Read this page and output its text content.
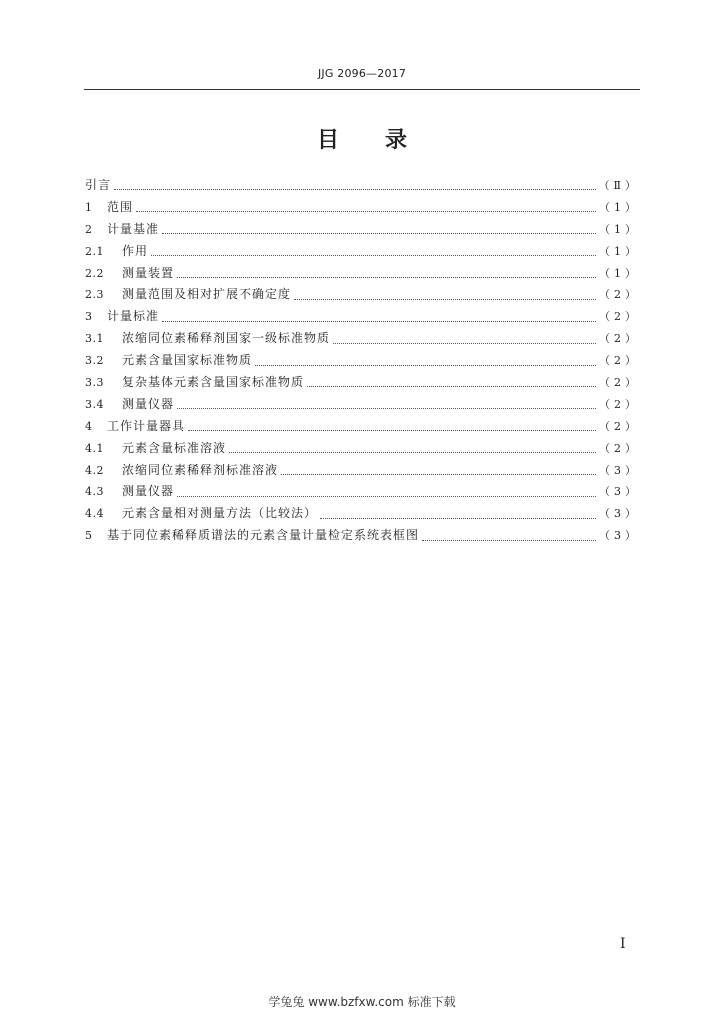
JJG 2096—2017
目录
引言	（Ⅱ）
1	范围	（1）
2	计量基准	（1）
2.1	作用	（1）
2.2	测量装置	（1）
2.3	测量范围及相对扩展不确定度	（2）
3	计量标准	（2）
3.1	浓缩同位素稀释剂国家一级标准物质	（2）
3.2	元素含量国家标准物质	（2）
3.3	复杂基体元素含量国家标准物质	（2）
3.4	测量仪器	（2）
4	工作计量器具	（2）
4.1	元素含量标准溶液	（2）
4.2	浓缩同位素稀释剂标准溶液	（3）
4.3	测量仪器	（3）
4.4	元素含量相对测量方法（比较法）	（3）
5	基于同位素稀释质谱法的元素含量计量检定系统表框图	（3）
I
学兔兔 www.bzfxw.com 标准下载
